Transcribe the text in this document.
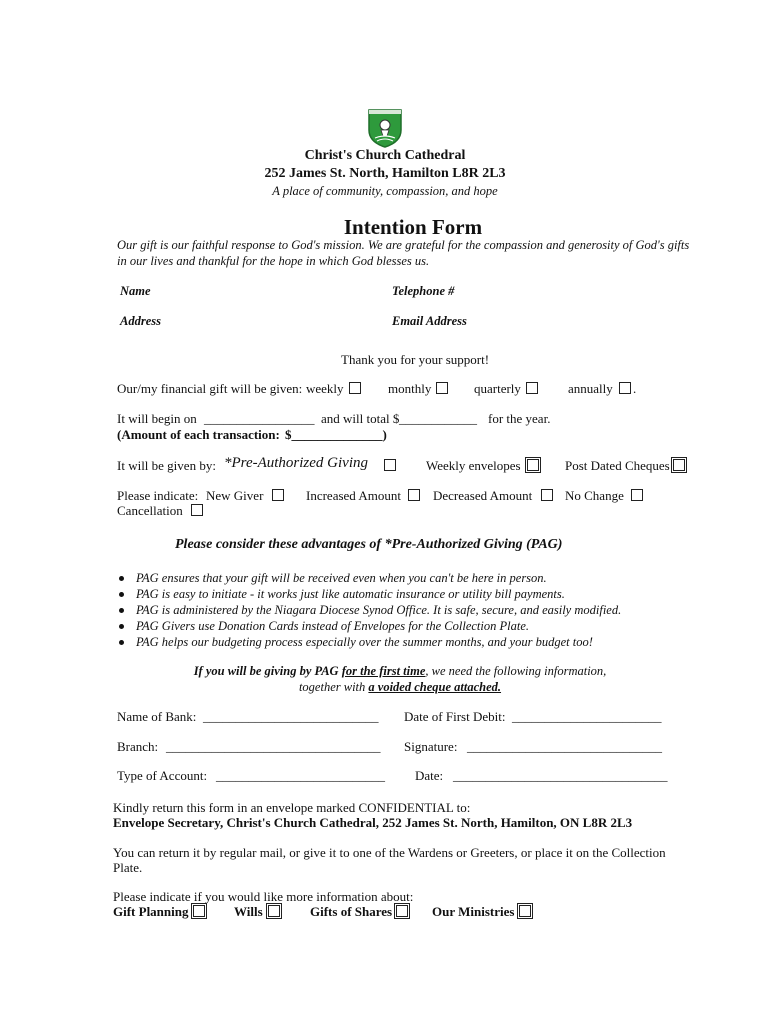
Christ's Church Cathedral
252 James St. North, Hamilton L8R 2L3
A place of community, compassion, and hope
Intention Form
Our gift is our faithful response to God's mission. We are grateful for the compassion and generosity of God's gifts
in our lives and thankful for the hope in which God blesses us.
Name	Telephone #
Address	Email Address
Thank you for your support!
Our/my financial gift will be given: weekly	monthly	quarterly	annually .
It will begin on _________________ and will total $ ____________ for the year.
(Amount of each transaction: $______________)
It will be given by: *Pre-Authorized Giving	Weekly envelopes	Post Dated Cheques
Please indicate: New Giver	Increased Amount Decreased Amount	No Change
Cancellation
Please consider these advantages of *Pre-Authorized Giving (PAG)
PAG ensures that your gift will be received even when you can't be here in person.
PAG is easy to initiate - it works just like automatic insurance or utility bill payments.
PAG is administered by the Niagara Diocese Synod Office. It is safe, secure, and easily modified.
PAG Givers use Donation Cards instead of Envelopes for the Collection Plate.
PAG helps our budgeting process especially over the summer months, and your budget too!
If you will be giving by PAG for the first time, we need the following information,
together with a voided cheque attached.
Name of Bank: ___________________________ Date of First Debit: _______________________
Branch: _________________________________ Signature: ______________________________
Type of Account: __________________________ Date: _________________________________
Kindly return this form in an envelope marked CONFIDENTIAL to:
Envelope Secretary, Christ's Church Cathedral, 252 James St. North, Hamilton, ON L8R 2L3
You can return it by regular mail, or give it to one of the Wardens or Greeters, or place it on the Collection
Plate.
Please indicate if you would like more information about:
Gift Planning	Wills	Gifts of Shares	Our Ministries
